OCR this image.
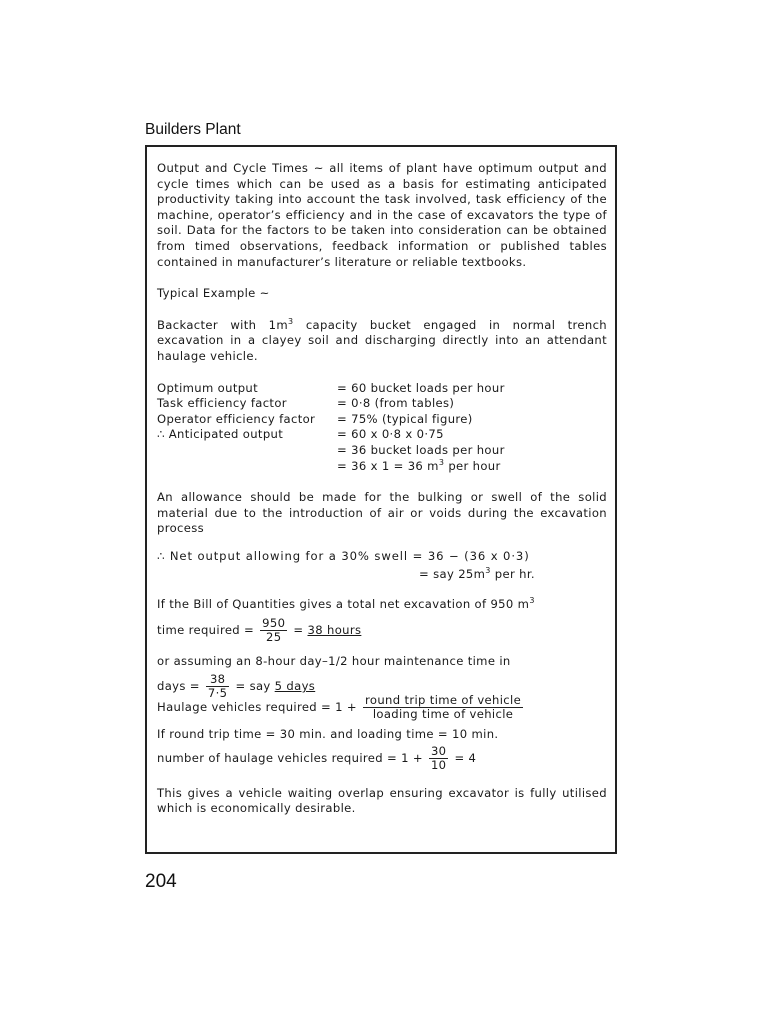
Builders Plant

Output and Cycle Times ~ all items of plant have optimum output and cycle times which can be used as a basis for estimating anticipated productivity taking into account the task involved, task efficiency of the machine, operator’s efficiency and in the case of excavators the type of soil. Data for the factors to be taken into consideration can be obtained from timed observations, feedback information or published tables contained in manufacturer’s literature or reliable textbooks.

Typical Example ~

Backacter with $1m^3$ capacity bucket engaged in normal trench excavation in a clayey soil and discharging directly into an attendant haulage vehicle.

Optimum output	= 60 bucket loads per hour
Task efficiency factor	= 0·8 (from tables)
Operator efficiency factor	= 75% (typical figure)
∴ Anticipated output	= 60 x 0·8 x 0·75
	= 36 bucket loads per hour
	= 36 x 1 = 36 $m^3$ per hour

An allowance should be made for the bulking or swell of the solid material due to the introduction of air or voids during the excavation process

∴ Net output allowing for a 30% swell = 36 − (36 x 0·3)

= say $25m^3$ per hr.

If the Bill of Quantities gives a total net excavation of 950 $m^3$

time required = $\frac{950}{25} = 38$ hours

or assuming an 8-hour day–1/2 hour maintenance time in

days = $\frac{38}{7\cdot 5}$ = say 5 days

Haulage vehicles required = $1 + \frac{\text{round trip time of vehicle}}{\text{loading time of vehicle}}$

If round trip time = 30 min. and loading time = 10 min.

number of haulage vehicles required = $1 + \frac{30}{10} = 4$

This gives a vehicle waiting overlap ensuring excavator is fully utilised which is economically desirable.

204
